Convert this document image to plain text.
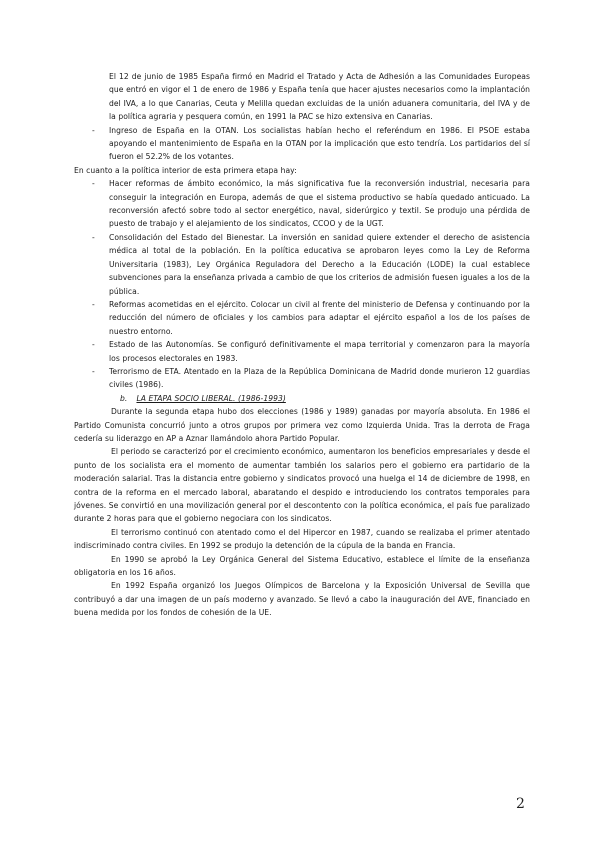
El 12 de junio de 1985 España firmó en Madrid el Tratado y Acta de Adhesión a las Comunidades Europeas que entró en vigor el 1 de enero de 1986 y España tenía que hacer ajustes necesarios como la implantación del IVA, a lo que Canarias, Ceuta y Melilla quedan excluidas de la unión aduanera comunitaria, del IVA y de la política agraria y pesquera común, en 1991 la PAC se hizo extensiva en Canarias.

- Ingreso de España en la OTAN. Los socialistas habían hecho el referéndum en 1986. El PSOE estaba apoyando el mantenimiento de España en la OTAN por la implicación que esto tendría. Los partidarios del sí fueron el 52.2% de los votantes.

En cuanto a la política interior de esta primera etapa hay:

- Hacer reformas de ámbito económico, la más significativa fue la reconversión industrial, necesaria para conseguir la integración en Europa, además de que el sistema productivo se había quedado anticuado. La reconversión afectó sobre todo al sector energético, naval, siderúrgico y textil. Se produjo una pérdida de puesto de trabajo y el alejamiento de los sindicatos, CCOO y de la UGT.
- Consolidación del Estado del Bienestar. La inversión en sanidad quiere extender el derecho de asistencia médica al total de la población. En la política educativa se aprobaron leyes como la Ley de Reforma Universitaria (1983), Ley Orgánica Reguladora del Derecho a la Educación (LODE) la cual establece subvenciones para la enseñanza privada a cambio de que los criterios de admisión fuesen iguales a los de la pública.
- Reformas acometidas en el ejército. Colocar un civil al frente del ministerio de Defensa y continuando por la reducción del número de oficiales y los cambios para adaptar el ejército español a los de los países de nuestro entorno.
- Estado de las Autonomías. Se configuró definitivamente el mapa territorial y comenzaron para la mayoría los procesos electorales en 1983.
- Terrorismo de ETA. Atentado en la Plaza de la República Dominicana de Madrid donde murieron 12 guardias civiles (1986).

b. LA ETAPA SOCIO LIBERAL. (1986-1993)

Durante la segunda etapa hubo dos elecciones (1986 y 1989) ganadas por mayoría absoluta. En 1986 el Partido Comunista concurrió junto a otros grupos por primera vez como Izquierda Unida. Tras la derrota de Fraga cedería su liderazgo en AP a Aznar llamándolo ahora Partido Popular.

El periodo se caracterizó por el crecimiento económico, aumentaron los beneficios empresariales y desde el punto de los socialista era el momento de aumentar también los salarios pero el gobierno era partidario de la moderación salarial. Tras la distancia entre gobierno y sindicatos provocó una huelga el 14 de diciembre de 1998, en contra de la reforma en el mercado laboral, abaratando el despido e introduciendo los contratos temporales para jóvenes. Se convirtió en una movilización general por el descontento con la política económica, el país fue paralizado durante 2 horas para que el gobierno negociara con los sindicatos.

El terrorismo continuó con atentado como el del Hipercor en 1987, cuando se realizaba el primer atentado indiscriminado contra civiles. En 1992 se produjo la detención de la cúpula de la banda en Francia.

En 1990 se aprobó la Ley Orgánica General del Sistema Educativo, establece el límite de la enseñanza obligatoria en los 16 años.

En 1992 España organizó los Juegos Olímpicos de Barcelona y la Exposición Universal de Sevilla que contribuyó a dar una imagen de un país moderno y avanzado. Se llevó a cabo la inauguración del AVE, financiado en buena medida por los fondos de cohesión de la UE.

2
